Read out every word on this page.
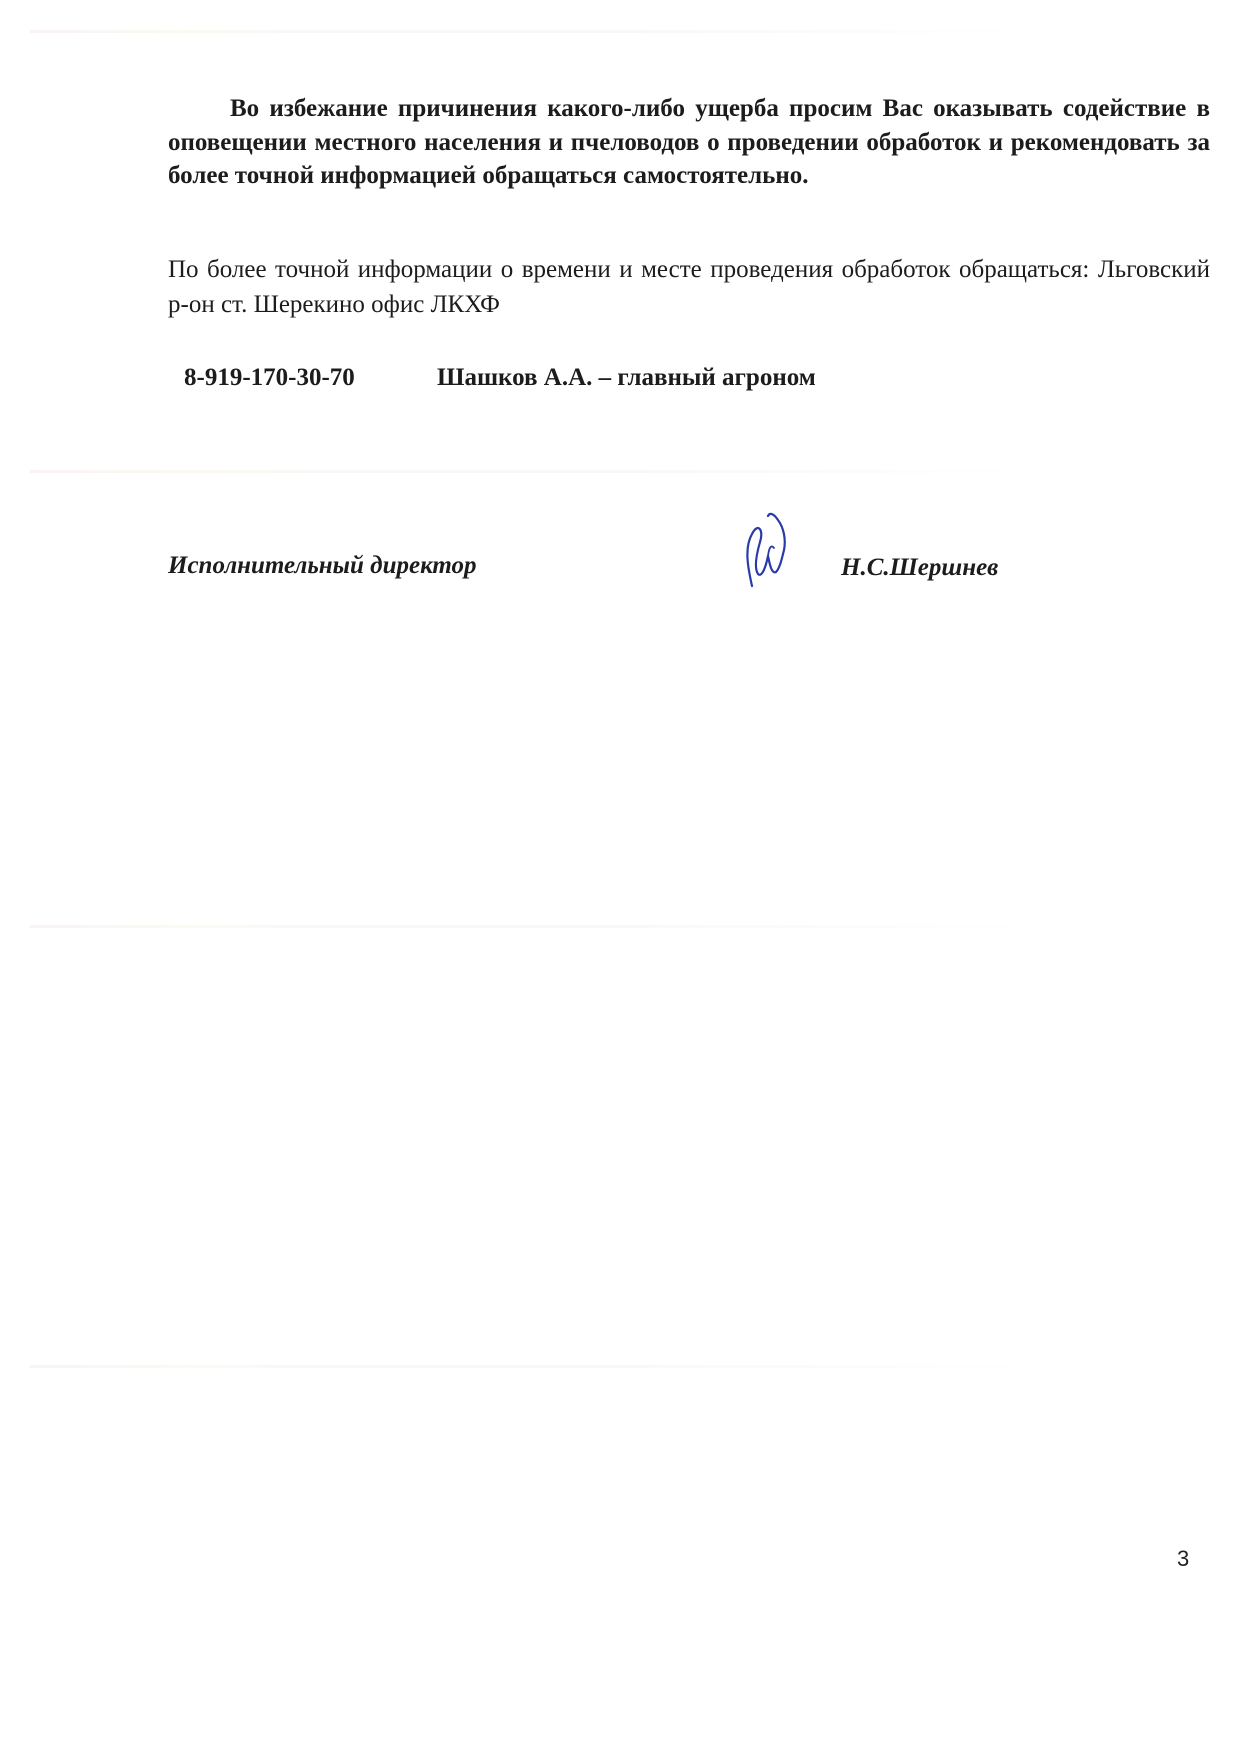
Во избежание причинения какого-либо ущерба просим Вас оказывать содействие в оповещении местного населения и пчеловодов о проведении обработок и рекомендовать за более точной информацией обращаться самостоятельно.

По более точной информации о времени и месте проведения обработок обращаться: Льговский р-он ст. Шерекино офис ЛКХФ

8-919-170-30-70	Шашков А.А. – главный агроном
Исполнительный директор	Н.С.Шершнев
3
